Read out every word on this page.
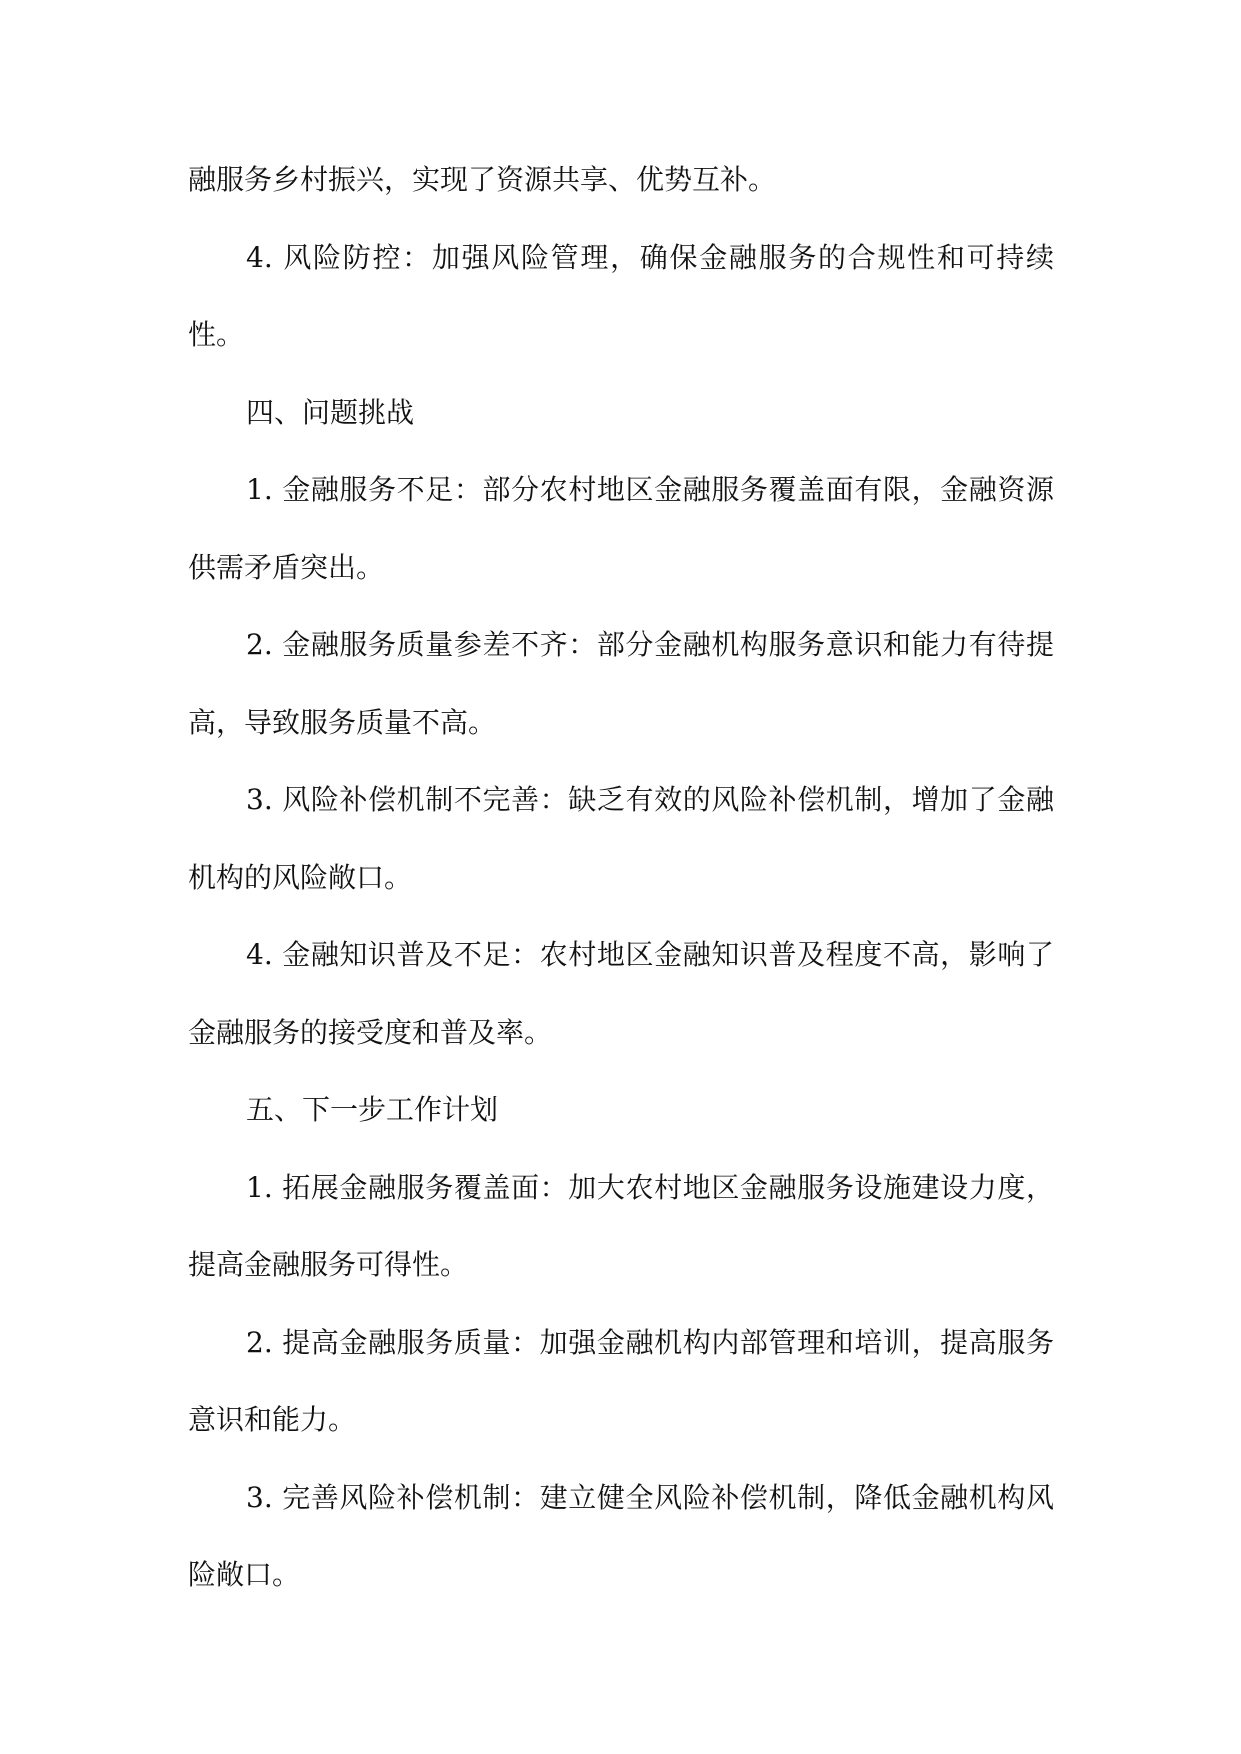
融服务乡村振兴，实现了资源共享、优势互补。

4. 风险防控：加强风险管理，确保金融服务的合规性和可持续性。

四、问题挑战

1. 金融服务不足：部分农村地区金融服务覆盖面有限，金融资源供需矛盾突出。

2. 金融服务质量参差不齐：部分金融机构服务意识和能力有待提高，导致服务质量不高。

3. 风险补偿机制不完善：缺乏有效的风险补偿机制，增加了金融机构的风险敞口。

4. 金融知识普及不足：农村地区金融知识普及程度不高，影响了金融服务的接受度和普及率。

五、下一步工作计划

1. 拓展金融服务覆盖面：加大农村地区金融服务设施建设力度，提高金融服务可得性。

2. 提高金融服务质量：加强金融机构内部管理和培训，提高服务意识和能力。

3. 完善风险补偿机制：建立健全风险补偿机制，降低金融机构风险敞口。
